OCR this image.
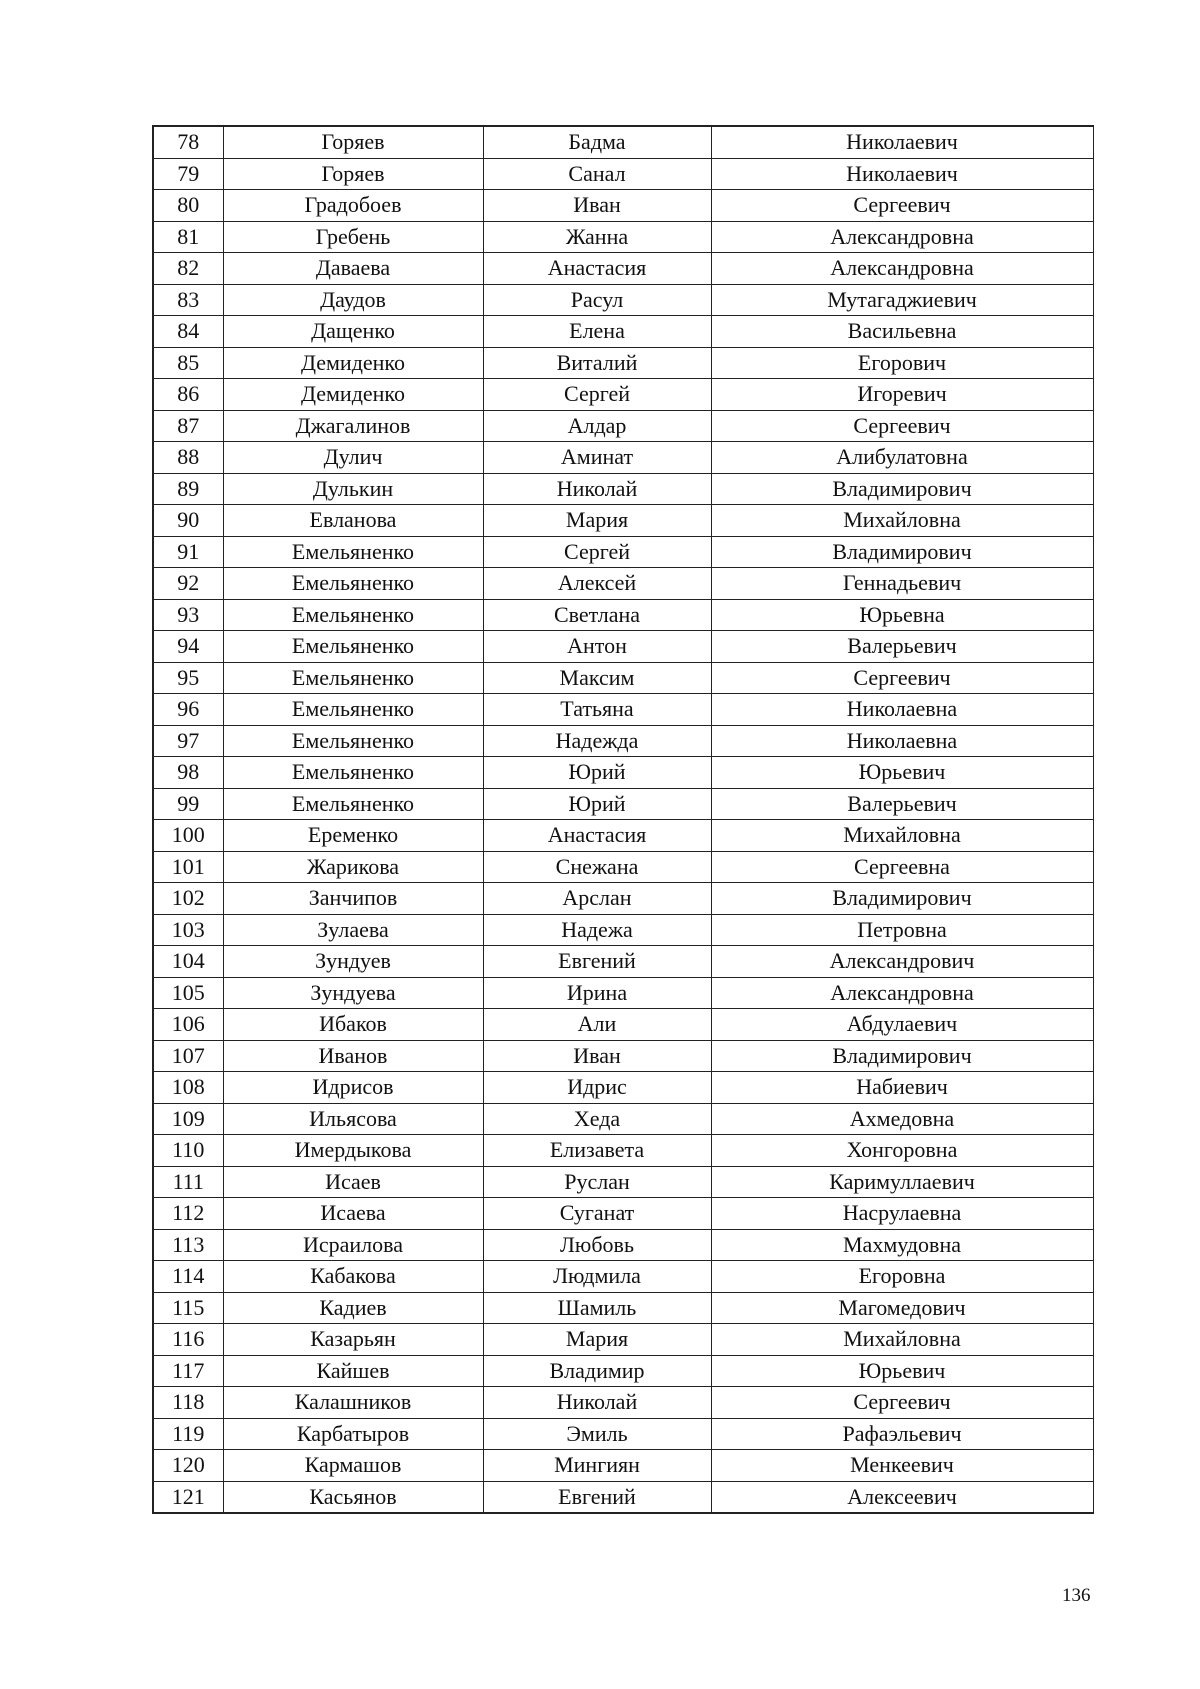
78	Горяев	Бадма	Николаевич
79	Горяев	Санал	Николаевич
80	Градобоев	Иван	Сергеевич
81	Гребень	Жанна	Александровна
82	Даваева	Анастасия	Александровна
83	Даудов	Расул	Мутагаджиевич
84	Дащенко	Елена	Васильевна
85	Демиденко	Виталий	Егорович
86	Демиденко	Сергей	Игоревич
87	Джагалинов	Алдар	Сергеевич
88	Дулич	Аминат	Алибулатовна
89	Дулькин	Николай	Владимирович
90	Евланова	Мария	Михайловна
91	Емельяненко	Сергей	Владимирович
92	Емельяненко	Алексей	Геннадьевич
93	Емельяненко	Светлана	Юрьевна
94	Емельяненко	Антон	Валерьевич
95	Емельяненко	Максим	Сергеевич
96	Емельяненко	Татьяна	Николаевна
97	Емельяненко	Надежда	Николаевна
98	Емельяненко	Юрий	Юрьевич
99	Емельяненко	Юрий	Валерьевич
100	Еременко	Анастасия	Михайловна
101	Жарикова	Снежана	Сергеевна
102	Занчипов	Арслан	Владимирович
103	Зулаева	Надежа	Петровна
104	Зундуев	Евгений	Александрович
105	Зундуева	Ирина	Александровна
106	Ибаков	Али	Абдулаевич
107	Иванов	Иван	Владимирович
108	Идрисов	Идрис	Набиевич
109	Ильясова	Хеда	Ахмедовна
110	Имердыкова	Елизавета	Хонгоровна
111	Исаев	Руслан	Каримуллаевич
112	Исаева	Суганат	Насрулаевна
113	Исраилова	Любовь	Махмудовна
114	Кабакова	Людмила	Егоровна
115	Кадиев	Шамиль	Магомедович
116	Казарьян	Мария	Михайловна
117	Кайшев	Владимир	Юрьевич
118	Калашников	Николай	Сергеевич
119	Карбатыров	Эмиль	Рафаэльевич
120	Кармашов	Мингиян	Менкеевич
121	Касьянов	Евгений	Алексеевич
136
